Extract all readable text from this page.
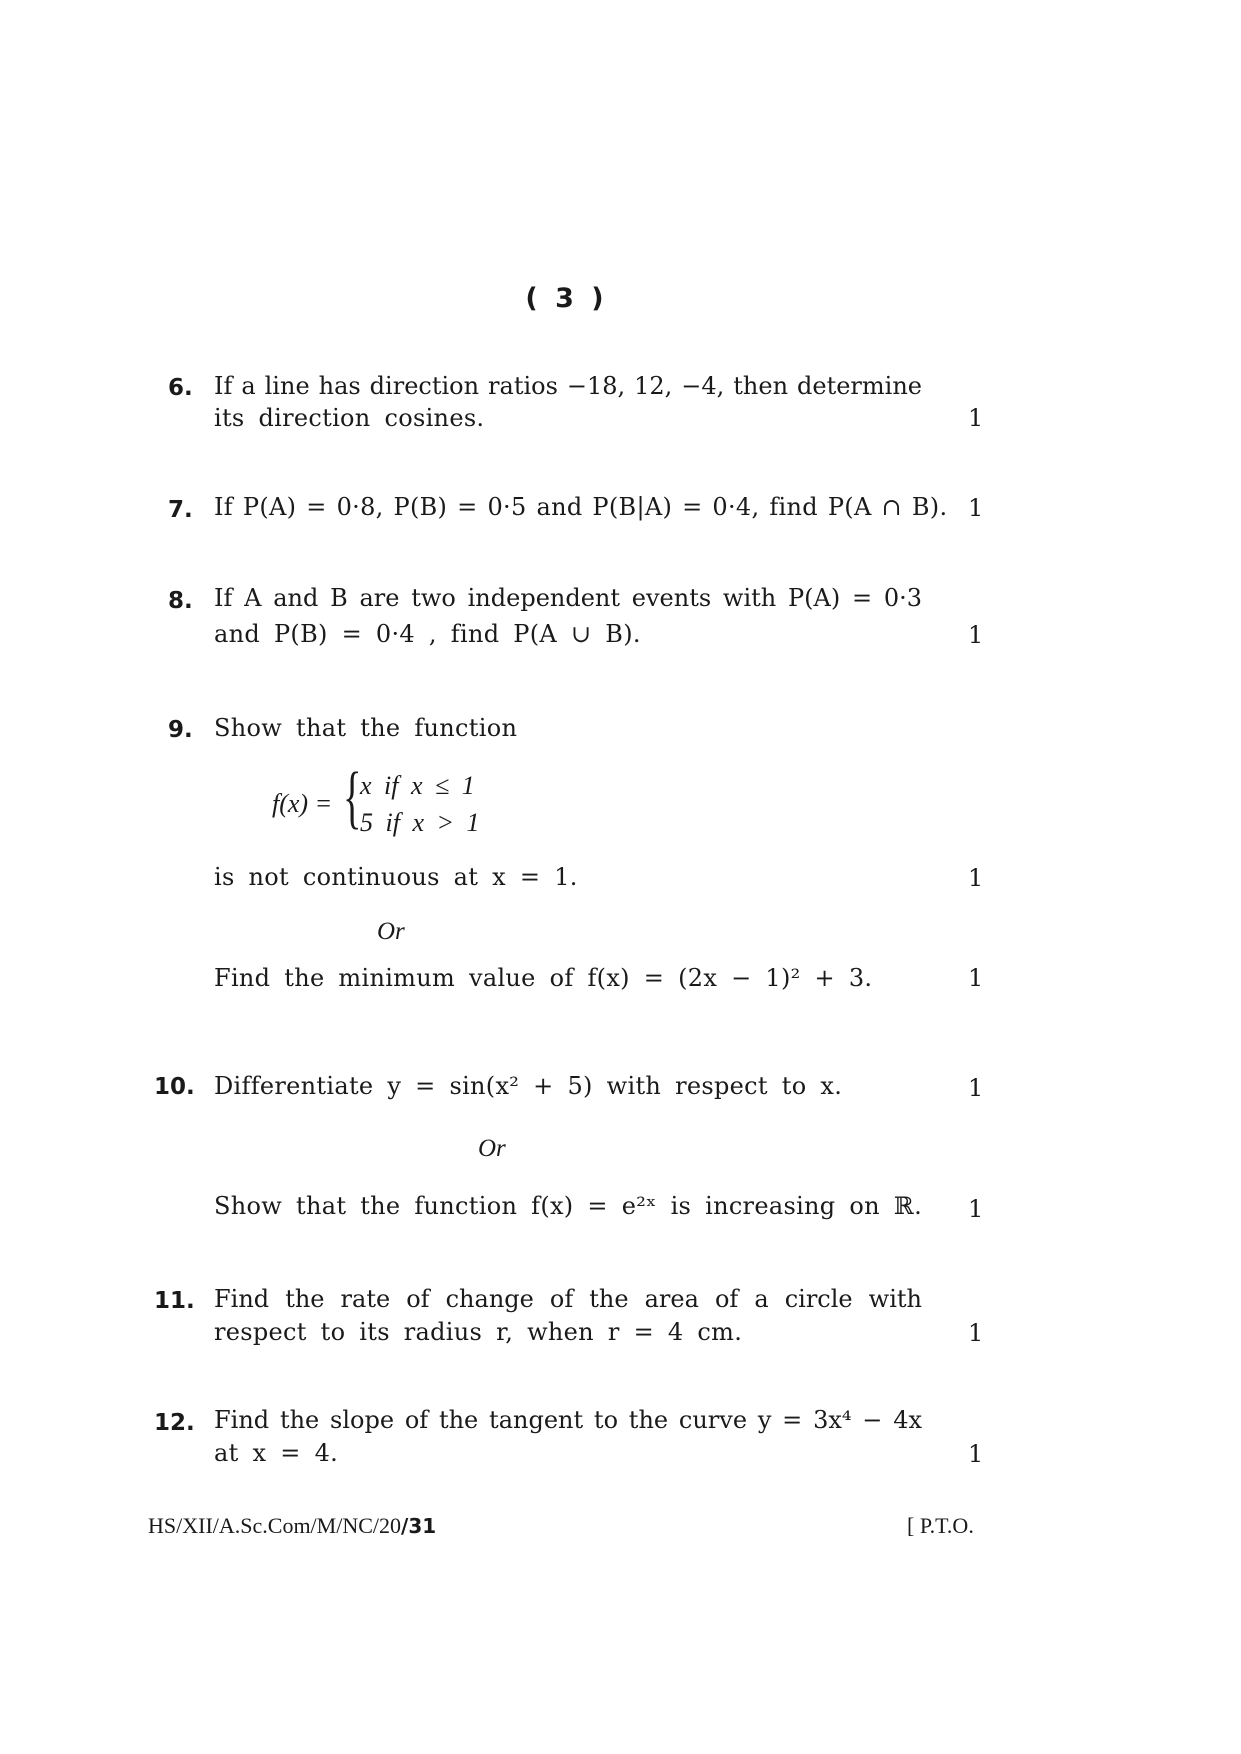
( 3 )
6. If a line has direction ratios −18, 12, −4, then determine
its direction cosines.	1
7. If P(A) = 0·8, P(B) = 0·5 and P(B|A) = 0·4, find P(A ∩ B). 1
8. If A and B are two independent events with P(A) = 0·3
and P(B) = 0·4 , find P(A ∪ B).	1
9. Show that the function
f(x) = {
x if x ≤ 1
5 if x > 1
is not continuous at x = 1.	1
Or
Find the minimum value of f(x) = (2x − 1)² + 3.	1
10. Differentiate y = sin(x² + 5) with respect to x.	1
Or
Show that the function f(x) = e²ˣ is increasing on ℝ. 1
11. Find the rate of change of the area of a circle with
respect to its radius r, when r = 4 cm.	1
12. Find the slope of the tangent to the curve y = 3x⁴ − 4x
at x = 4.	1
HS/XII/A.Sc.Com/M/NC/20/31	[ P.T.O.
